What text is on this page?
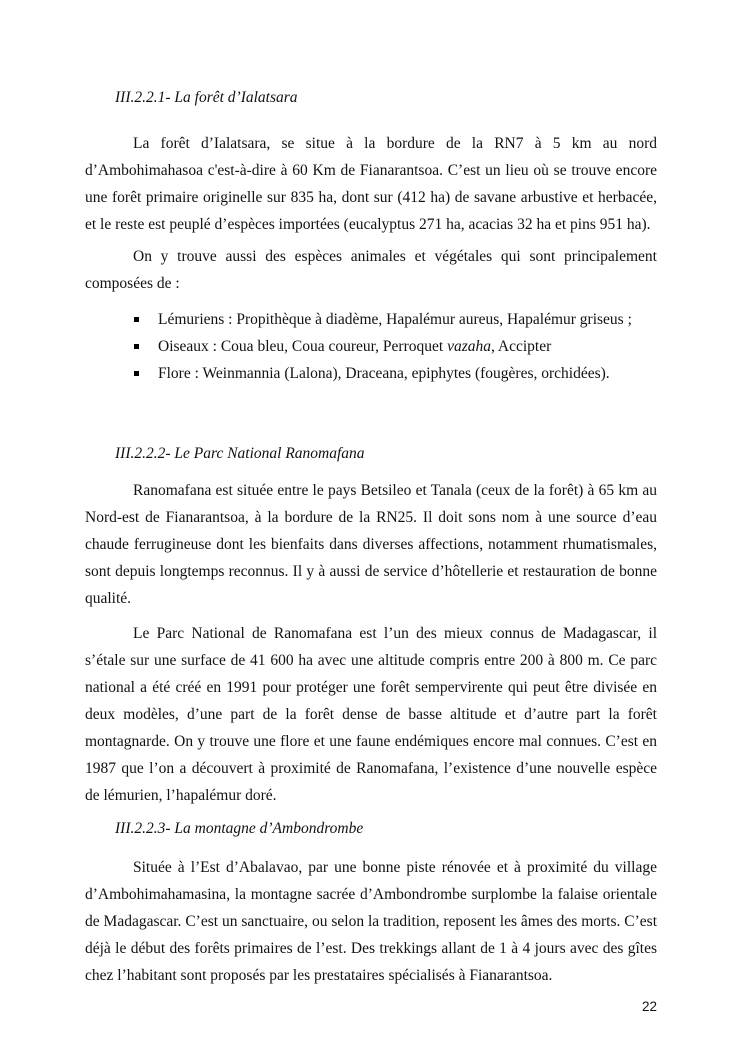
III.2.2.1- La forêt d’Ialatsara

La forêt d’Ialatsara, se situe à la bordure de la RN7 à 5 km au nord d’Ambohimahasoa c'est-à-dire à 60 Km de Fianarantsoa. C’est un lieu où se trouve encore une forêt primaire originelle sur 835 ha, dont sur (412 ha) de savane arbustive et herbacée, et le reste est peuplé d’espèces importées (eucalyptus 271 ha, acacias 32 ha et pins 951 ha).

On y trouve aussi des espèces animales et végétales qui sont principalement composées de :

Lémuriens : Propithèque à diadème, Hapalémur aureus, Hapalémur griseus ;
Oiseaux : Coua bleu, Coua coureur, Perroquet vazaha, Accipter
Flore : Weinmannia (Lalona), Draceana, epiphytes (fougères, orchidées).
III.2.2.2- Le Parc National Ranomafana

Ranomafana est située entre le pays Betsileo et Tanala (ceux de la forêt) à 65 km au Nord-est de Fianarantsoa, à la bordure de la RN25. Il doit sons nom à une source d’eau chaude ferrugineuse dont les bienfaits dans diverses affections, notamment rhumatismales, sont depuis longtemps reconnus. Il y à aussi de service d’hôtellerie et restauration de bonne qualité.

Le Parc National de Ranomafana est l’un des mieux connus de Madagascar, il s’étale sur une surface de 41 600 ha avec une altitude compris entre 200 à 800 m. Ce parc national a été créé en 1991 pour protéger une forêt sempervirente qui peut être divisée en deux modèles, d’une part de la forêt dense de basse altitude et d’autre part la forêt montagnarde. On y trouve une flore et une faune endémiques encore mal connues. C’est en 1987 que l’on a découvert à proximité de Ranomafana, l’existence d’une nouvelle espèce de lémurien, l’hapalémur doré.

III.2.2.3- La montagne d’Ambondrombe

Située à l’Est d’Abalavao, par une bonne piste rénovée et à proximité du village d’Ambohimahamasina, la montagne sacrée d’Ambondrombe surplombe la falaise orientale de Madagascar. C’est un sanctuaire, ou selon la tradition, reposent les âmes des morts. C’est déjà le début des forêts primaires de l’est. Des trekkings allant de 1 à 4 jours avec des gîtes chez l’habitant sont proposés par les prestataires spécialisés à Fianarantsoa.

22
